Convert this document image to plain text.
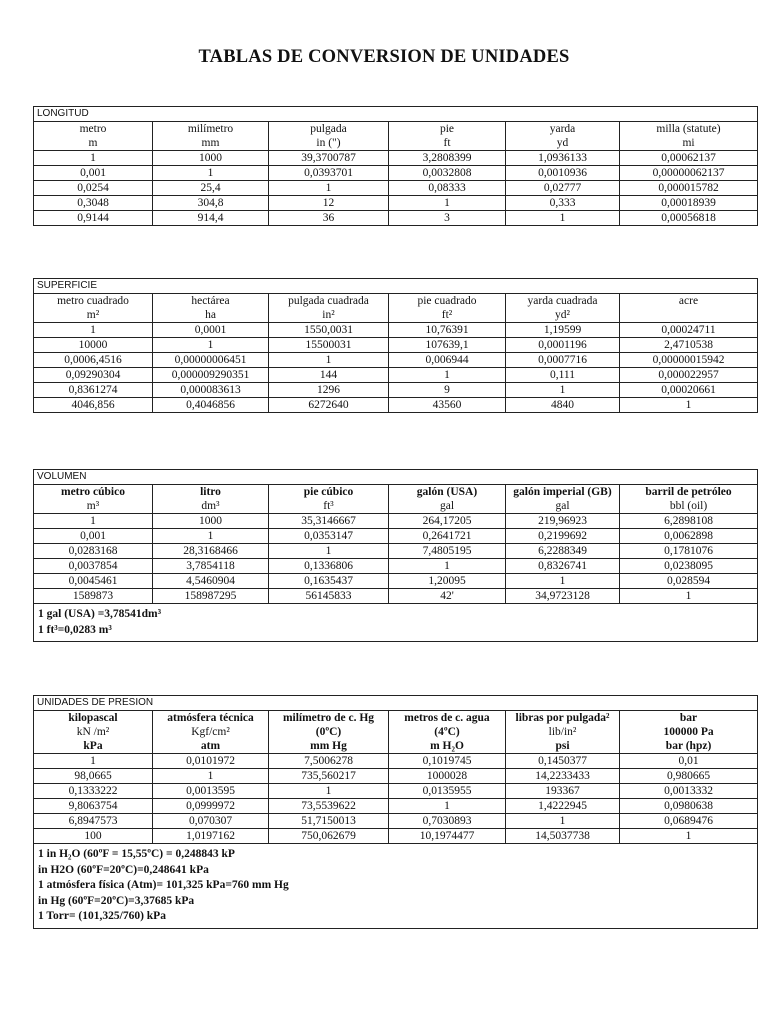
TABLAS DE CONVERSION DE UNIDADES
LONGITUD					
metro	milímetro	pulgada	pie	yarda	milla (statute)
m	mm	in (")	ft	yd	mi
1	1000	39,3700787	3,2808399	1,0936133	0,00062137
0,001	1	0,0393701	0,0032808	0,0010936	0,00000062137
0,0254	25,4	1	0,08333	0,02777	0,000015782
0,3048	304,8	12	1	0,333	0,00018939
0,9144	914,4	36	3	1	0,00056818
SUPERFICIE					
metro cuadrado	hectárea	pulgada cuadrada	pie cuadrado	yarda cuadrada	acre
m²	ha	in²	ft²	yd²	
1	0,0001	1550,0031	10,76391	1,19599	0,00024711
10000	1	15500031	107639,1	0,0001196	2,4710538
0,0006,4516	0,00000006451	1	0,006944	0,0007716	0,00000015942
0,09290304	0,000009290351	144	1	0,111	0,000022957
0,8361274	0,000083613	1296	9	1	0,00020661
4046,856	0,4046856	6272640	43560	4840	1
VOLUMEN					
metro cúbico	litro	pie cúbico	galón (USA)	galón imperial (GB)	barril de petróleo
m³	dm³	ft³	gal	gal	bbl (oil)
1	1000	35,3146667	264,17205	219,96923	6,2898108
0,001	1	0,0353147	0,2641721	0,2199692	0,0062898
0,0283168	28,3168466	1	7,4805195	6,2288349	0,1781076
0,0037854	3,7854118	0,1336806	1	0,8326741	0,0238095
0,0045461	4,5460904	0,1635437	1,20095	1	0,028594
1589873	158987295	56145833	42'	34,9723128	1

1 gal (USA) =3,78541dm³
1 ft³=0,0283 m³					
UNIDADES DE PRESION					
kilopascal	atmósfera técnica	milímetro de c. Hg	metros de c. agua	libras por pulgada²	bar
kN /m²	Kgf/cm²	(0ºC)	(4ºC)	lib/in²	100000 Pa
kPa	atm	mm Hg	m H₂O	psi	bar (hpz)
1	0,0101972	7,5006278	0,1019745	0,1450377	0,01
98,0665	1	735,560217	1000028	14,2233433	0,980665
0,1333222	0,0013595	1	0,0135955	193367	0,0013332
9,8063754	0,0999972	73,5539622	1	1,4222945	0,0980638
6,8947573	0,070307	51,7150013	0,7030893	1	0,0689476
100	1,0197162	750,062679	10,1974477	14,5037738	1

1 in H₂O (60ºF = 15,55ºC) = 0,248843 kP
in H2O (60ºF=20ºC)=0,248641 kPa
1 atmósfera física (Atm)= 101,325 kPa=760 mm Hg
in Hg (60ºF=20ºC)=3,37685 kPa
1 Torr= (101,325/760) kPa					
